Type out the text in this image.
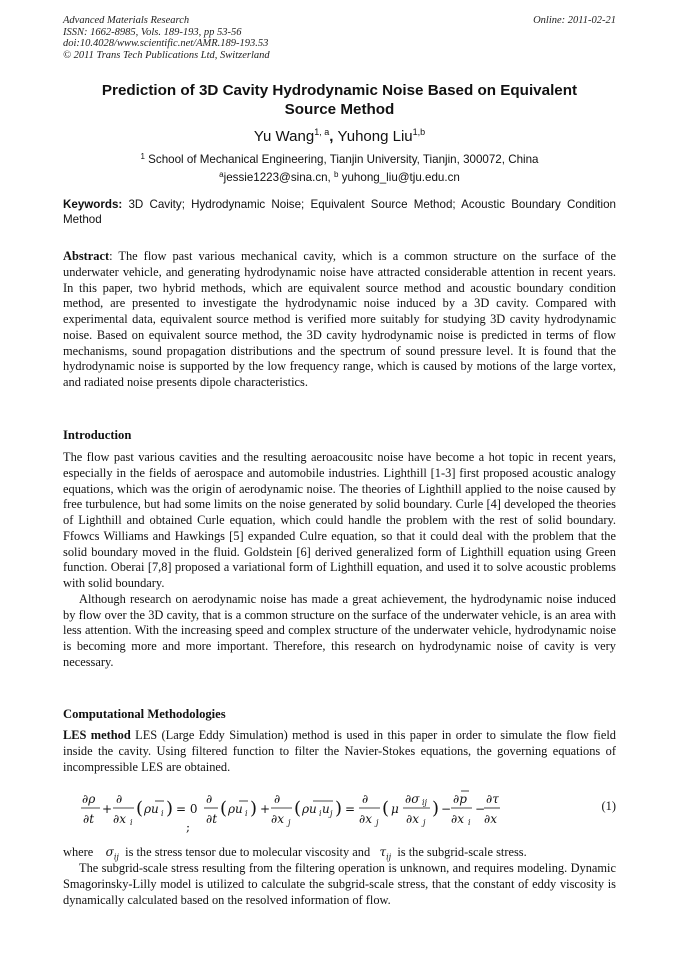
Advanced Materials Research
ISSN: 1662-8985, Vols. 189-193, pp 53-56
doi:10.4028/www.scientific.net/AMR.189-193.53
© 2011 Trans Tech Publications Ltd, Switzerland
Online: 2011-02-21
Prediction of 3D Cavity Hydrodynamic Noise Based on Equivalent
Source Method
Yu Wang$^{1, a}$, Yuhong Liu$^{1,b}$
$^1$ School of Mechanical Engineering, Tianjin University, Tianjin, 300072, China
$^a$jessie1223@sina.cn, $^b$ yuhong_liu@tju.edu.cn
Keywords: 3D Cavity; Hydrodynamic Noise; Equivalent Source Method; Acoustic Boundary Condition Method

Abstract: The flow past various mechanical cavity, which is a common structure on the surface of the underwater vehicle, and generating hydrodynamic noise have attracted considerable attention in recent years. In this paper, two hybrid methods, which are equivalent source method and acoustic boundary condition method, are presented to investigate the hydrodynamic noise induced by a 3D cavity. Compared with experimental data, equivalent source method is verified more suitably for studying 3D cavity hydrodynamic noise. Based on equivalent source method, the 3D cavity hydrodynamic noise is predicted in terms of flow mechanisms, sound propagation distributions and the spectrum of sound pressure level. It is found that the hydrodynamic noise is supported by the low frequency range, which is caused by motions of the large vortex, and radiated noise presents dipole characteristics.

Introduction

The flow past various cavities and the resulting aeroacousitc noise have become a hot topic in recent years, especially in the fields of aerospace and automobile industries. Lighthill [1-3] first proposed acoustic analogy equations, which was the origin of aerodynamic noise. The theories of Lighthill applied to the noise caused by free turbulence, but had some limits on the noise generated by solid boundary. Curle [4] developed the theories of Lighthill and obtained Curle equation, which could handle the problem with the rest of solid boundary. Ffowcs Williams and Hawkings [5] expanded Culre equation, so that it could deal with the problem that the solid boundary moved in the fluid. Goldstein [6] derived generalized form of Lighthill equation using Green function. Oberai [7,8] proposed a variational form of Lighthill equation, and used it to solve acoustic problems with solid boundary.

Although research on aerodynamic noise has made a great achievement, the hydrodynamic noise induced by flow over the 3D cavity, that is a common structure on the surface of the underwater vehicle, is an area with less attention. With the increasing speed and complex structure of the underwater vehicle, hydrodynamic noise is becoming more and more important. Therefore, this research on hydrodynamic noise of cavity is very necessary.

Computational Methodologies

LES method LES (Large Eddy Simulation) method is used in this paper in order to simulate the flow field inside the cavity. Using filtered function to filter the Navier-Stokes equations, the governing equations of incompressible LES are obtained.

∂ρ
∂t
+
∂
∂x i
( ρu i ) = 0
;
∂
∂t ( ρu i ) +
∂
∂x j
( ρu i u j ) =
∂
∂x j
( μ
∂σ ij
∂x j
) −
∂p
∂x i
−
∂τ
∂x
(1)

where $\sigma_{ij}$ is the stress tensor due to molecular viscosity and $\tau_{ij}$ is the subgrid-scale stress.

The subgrid-scale stress resulting from the filtering operation is unknown, and requires modeling. Dynamic Smagorinsky-Lilly model is utilized to calculate the subgrid-scale stress, that the constant of eddy viscosity is dynamically calculated based on the resolved information of flow.
